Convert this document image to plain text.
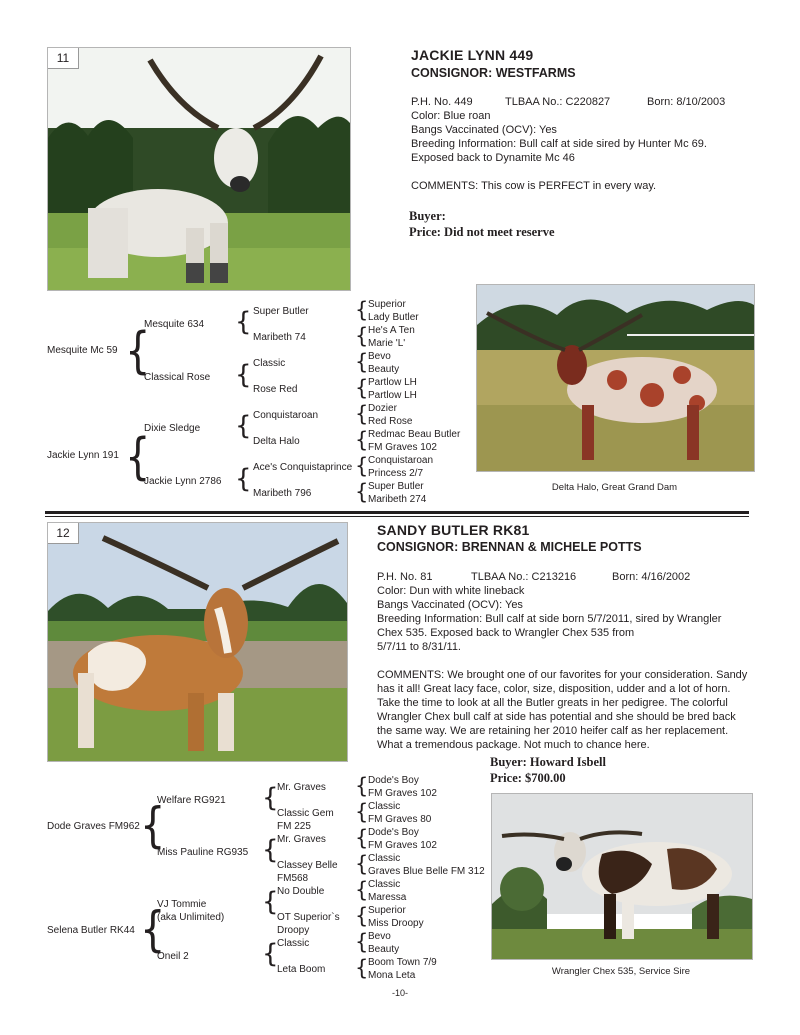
11	JACKIE LYNN 449
CONSIGNOR: WESTFARMS
P.H. No. 449	TLBAA No.: C220827	Born: 8/10/2003
Color: Blue roan
Bangs Vaccinated (OCV): Yes
Breeding Information: Bull calf at side sired by Hunter Mc 69.
Exposed back to Dynamite Mc 46
COMMENTS: This cow is PERFECT in every way.
Buyer:
Price: Did not meet reserve
Mesquite Mc 59
Jackie Lynn 191
{
{
Mesquite 634
Classical Rose
Dixie Sledge
Jackie Lynn 2786
{
{
{
{
Super Butler
Maribeth 74
Classic
Rose Red
Conquistaroan
Delta Halo
Ace's Conquistaprince
Maribeth 796
{
{
{
{
{
{
{
{
Superior
Lady Butler
He's A Ten
Marie 'L'
Bevo
Beauty
Partlow LH
Partlow LH
Dozier
Red Rose
Redmac Beau Butler
FM Graves 102
Conquistaroan
Princess 2/7
Super Butler
Maribeth 274
Delta Halo, Great Grand Dam
12	SANDY BUTLER RK81
CONSIGNOR: BRENNAN & MICHELE POTTS
P.H. No. 81	TLBAA No.: C213216	Born: 4/16/2002
Color: Dun with white lineback
Bangs Vaccinated (OCV): Yes
Breeding Information: Bull calf at side born 5/7/2011, sired by Wrangler
Chex 535. Exposed back to Wrangler Chex 535 from
5/7/11 to 8/31/11.
COMMENTS: We brought one of our favorites for your consideration. Sandy
has it all! Great lacy face, color, size, disposition, udder and a lot of horn.
Take the time to look at all the Butler greats in her pedigree. The colorful
Wrangler Chex bull calf at side has potential and she should be bred back
the same way. We are retaining her 2010 heifer calf as her replacement.
What a tremendous package. Not much to chance here.
Buyer: Howard Isbell
Price: $700.00
Dode Graves FM962
Selena Butler RK44
{
{
Welfare RG921
Miss Pauline RG935
VJ Tommie
(aka Unlimited)
Oneil 2
{
{
{
{
Mr. Graves
Classic Gem
FM 225
Mr. Graves
Classey Belle
FM568
No Double
OT Superior`s
Droopy
Classic
Leta Boom
{
{
{
{
{
{
{
{
Dode's Boy
FM Graves 102
Classic
FM Graves 80
Dode's Boy
FM Graves 102
Classic
Graves Blue Belle FM 312
Classic
Maressa
Superior
Miss Droopy
Bevo
Beauty
Boom Town 7/9
Mona Leta	Wrangler Chex 535, Service Sire
-10-
